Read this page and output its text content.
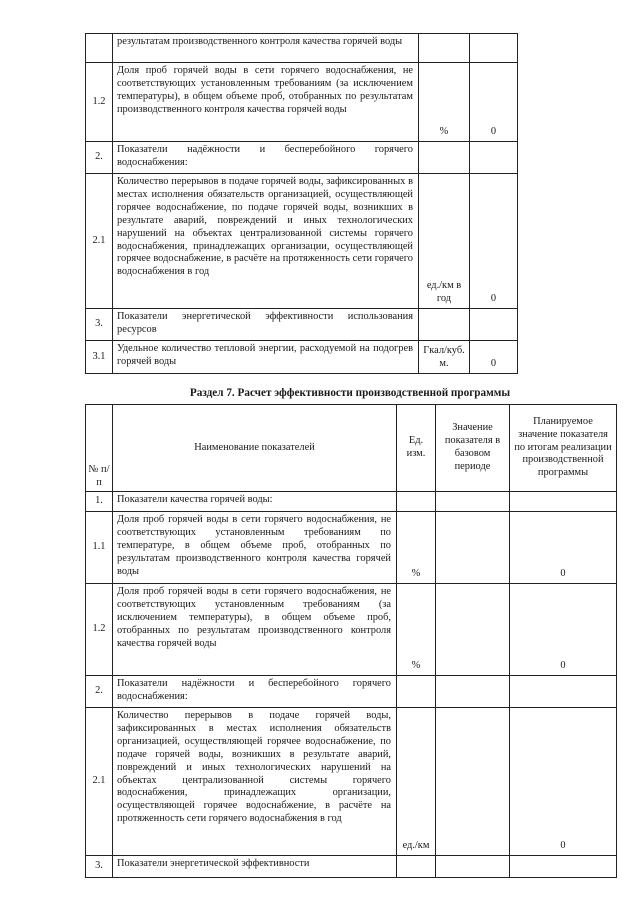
	результатам производственного контроля качества горячей воды		
1.2	Доля проб горячей воды в сети горячего водоснабжения, не соответствующих установленным требованиям (за исключением температуры), в общем объеме проб, отобранных по результатам производственного контроля качества горячей воды	%	0
2.	Показатели надёжности и бесперебойного горячего водоснабжения:		
2.1	Количество перерывов в подаче горячей воды, зафиксированных в местах исполнения обязательств организацией, осуществляющей горячее водоснабжение, по подаче горячей воды, возникших в результате аварий, повреждений и иных технологических нарушений на объектах централизованной системы горячего водоснабжения, принадлежащих организации, осуществляющей горячее водоснабжение, в расчёте на протяженность сети горячего водоснабжения в год	ед./км в год	0
3.	Показатели энергетической эффективности использования ресурсов		
3.1	Удельное количество тепловой энергии, расходуемой на подогрев горячей воды	Гкал/куб. м.	0
Раздел 7. Расчет эффективности производственной программы
№ п/п	Наименование показателей	Ед. изм.	Значение показателя в базовом периоде	Планируемое значение показателя по итогам реализации производственной программы
1.	Показатели качества горячей воды:			
1.1	Доля проб горячей воды в сети горячего водоснабжения, не соответствующих установленным требованиям по температуре, в общем объеме проб, отобранных по результатам производственного контроля качества горячей воды	%		0
1.2	Доля проб горячей воды в сети горячего водоснабжения, не соответствующих установленным требованиям (за исключением температуры), в общем объеме проб, отобранных по результатам производственного контроля качества горячей воды	%		0
2.	Показатели надёжности и бесперебойного горячего водоснабжения:			
2.1	Количество перерывов в подаче горячей воды, зафиксированных в местах исполнения обязательств организацией, осуществляющей горячее водоснабжение, по подаче горячей воды, возникших в результате аварий, повреждений и иных технологических нарушений на объектах централизованной системы горячего водоснабжения, принадлежащих организации, осуществляющей горячее водоснабжение, в расчёте на протяженность сети горячего водоснабжения в год	ед./км		0
3.	Показатели энергетической эффективности			
